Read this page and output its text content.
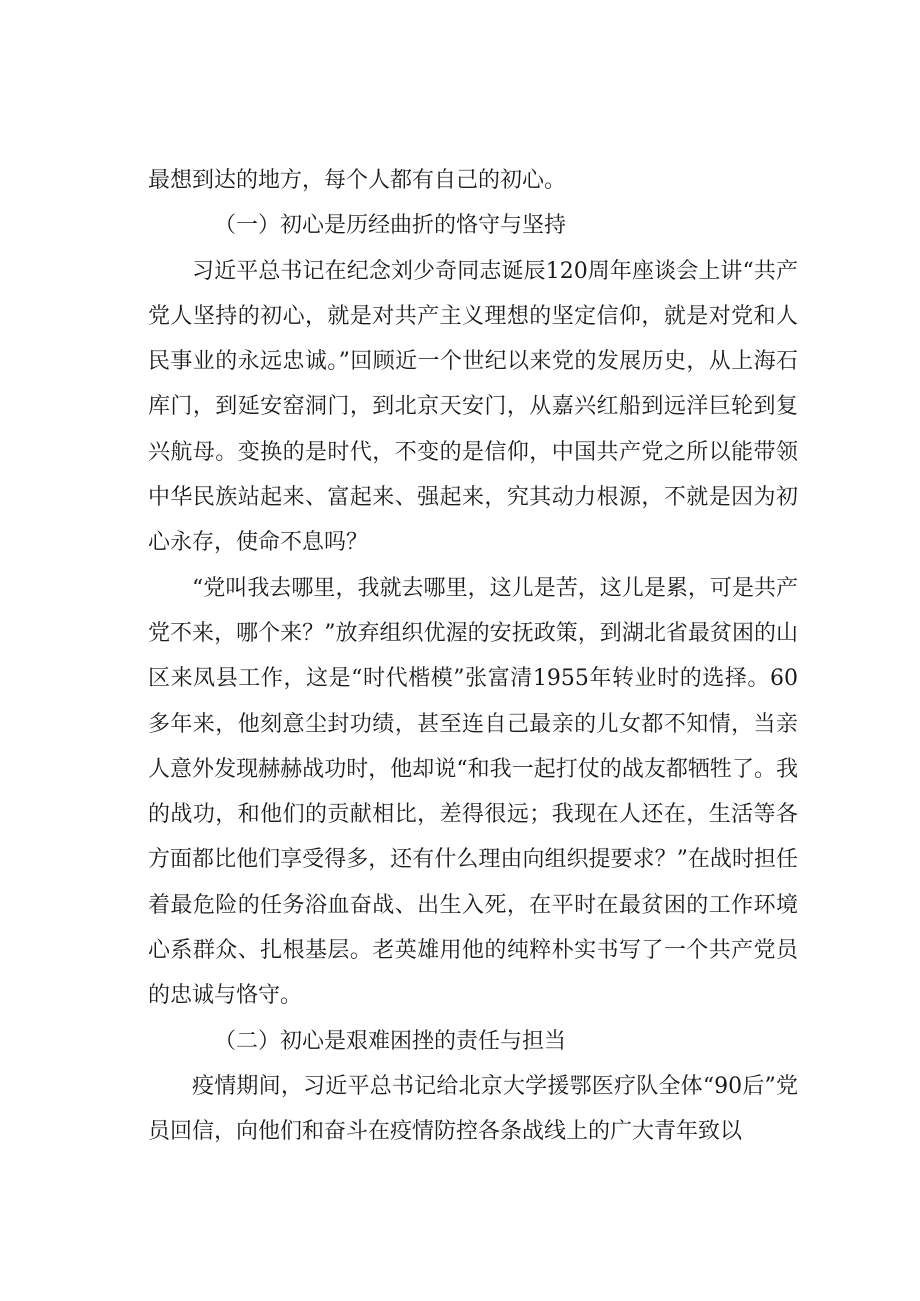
最想到达的地方，每个人都有自己的初心。

（一）初心是历经曲折的恪守与坚持

习近平总书记在纪念刘少奇同志诞辰120周年座谈会上讲“共产党人坚持的初心，就是对共产主义理想的坚定信仰，就是对党和人民事业的永远忠诚。”回顾近一个世纪以来党的发展历史，从上海石库门，到延安窑洞门，到北京天安门，从嘉兴红船到远洋巨轮到复兴航母。变换的是时代，不变的是信仰，中国共产党之所以能带领中华民族站起来、富起来、强起来，究其动力根源，不就是因为初心永存，使命不息吗？

“党叫我去哪里，我就去哪里，这儿是苦，这儿是累，可是共产党不来，哪个来？”放弃组织优渥的安抚政策，到湖北省最贫困的山区来凤县工作，这是“时代楷模”张富清1955年转业时的选择。60多年来，他刻意尘封功绩，甚至连自己最亲的儿女都不知情，当亲人意外发现赫赫战功时，他却说“和我一起打仗的战友都牺牲了。我的战功，和他们的贡献相比，差得很远；我现在人还在，生活等各方面都比他们享受得多，还有什么理由向组织提要求？”在战时担任着最危险的任务浴血奋战、出生入死，在平时在最贫困的工作环境心系群众、扎根基层。老英雄用他的纯粹朴实书写了一个共产党员的忠诚与恪守。

（二）初心是艰难困挫的责任与担当

疫情期间，习近平总书记给北京大学援鄂医疗队全体“90后”党员回信，向他们和奋斗在疫情防控各条战线上的广大青年致以
